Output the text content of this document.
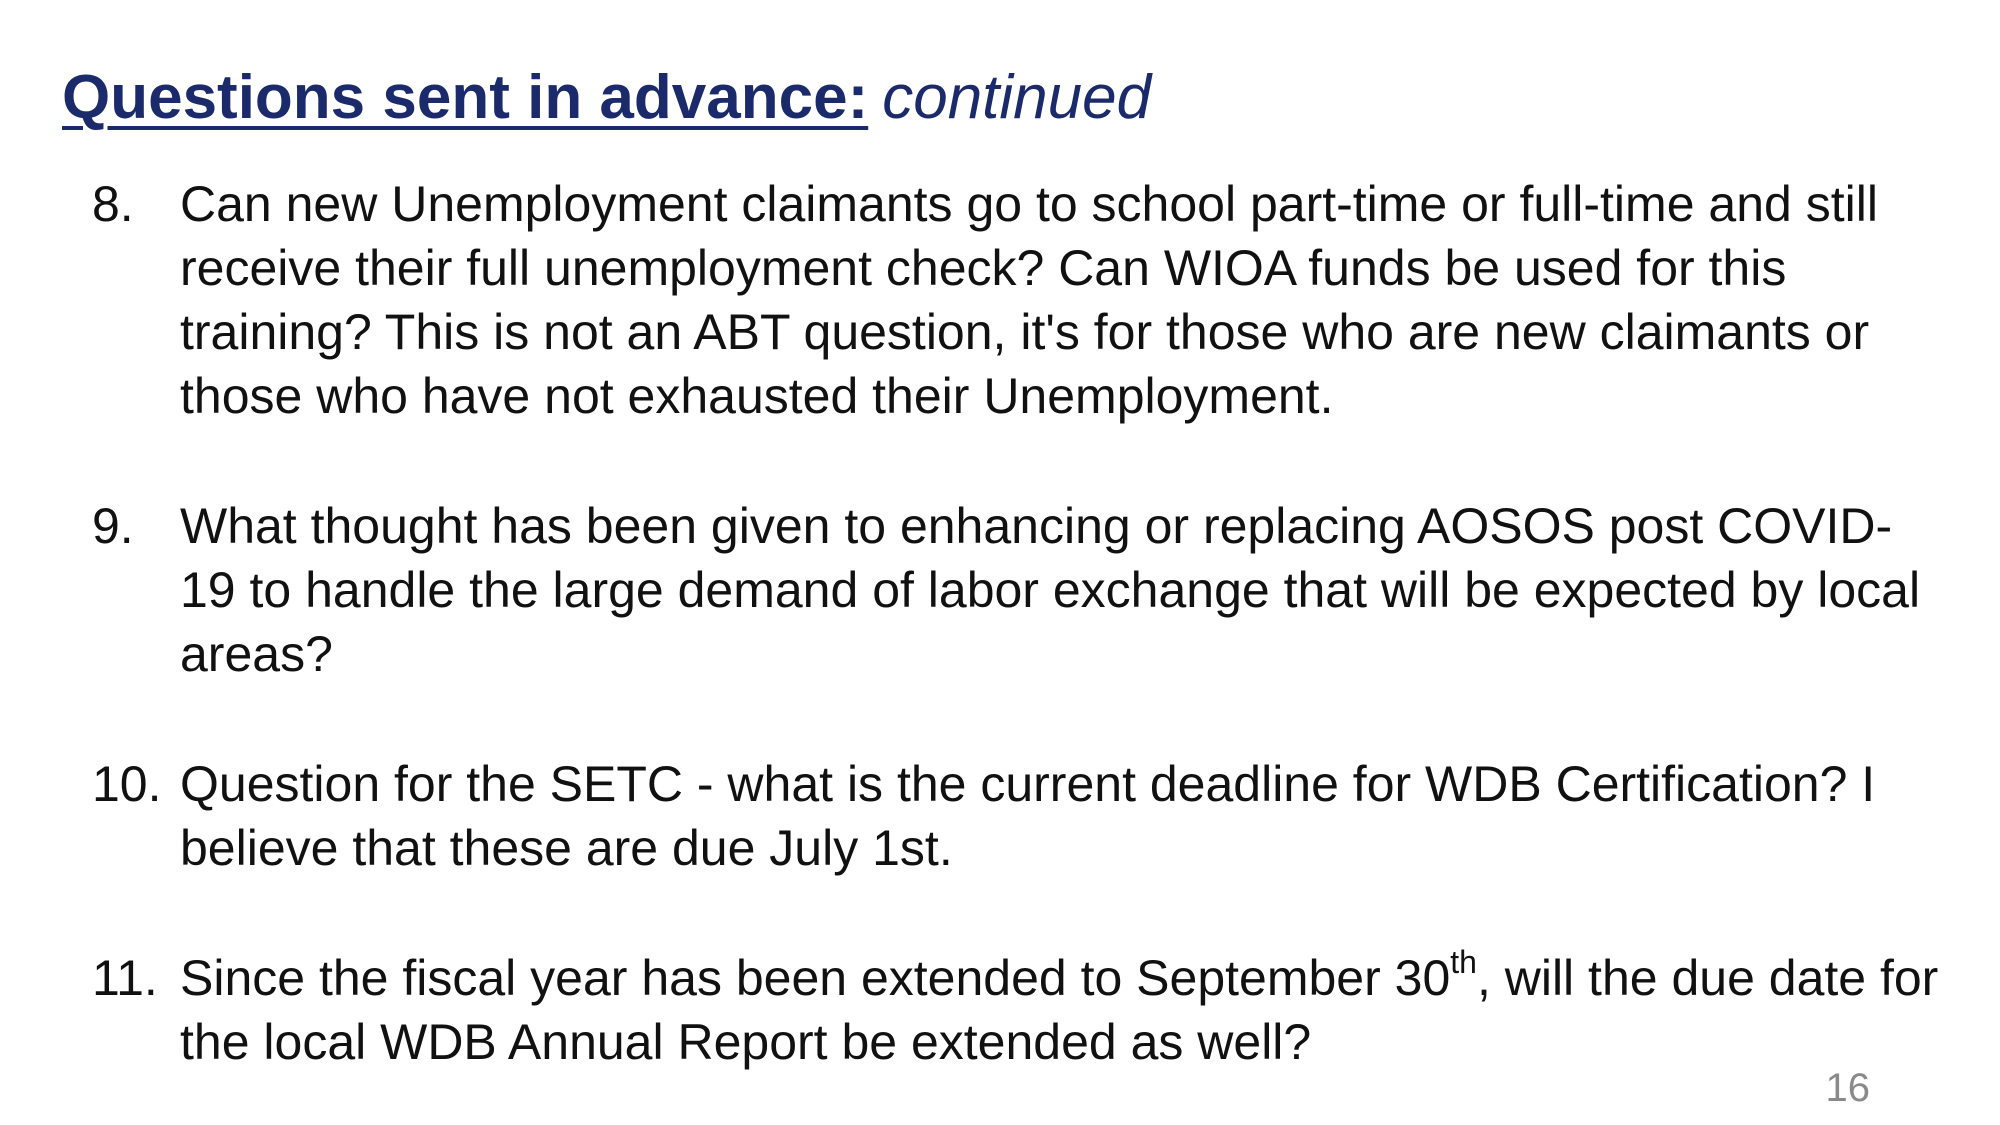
Questions sent in advance: continued
8. Can new Unemployment claimants go to school part-time or full-time and still receive their full unemployment check? Can WIOA funds be used for this training? This is not an ABT question, it's for those who are new claimants or those who have not exhausted their Unemployment.
9. What thought has been given to enhancing or replacing AOSOS post COVID-19 to handle the large demand of labor exchange that will be expected by local areas?
10. Question for the SETC - what is the current deadline for WDB Certification? I believe that these are due July 1st.
11. Since the fiscal year has been extended to September 30th, will the due date for the local WDB Annual Report be extended as well?
16
